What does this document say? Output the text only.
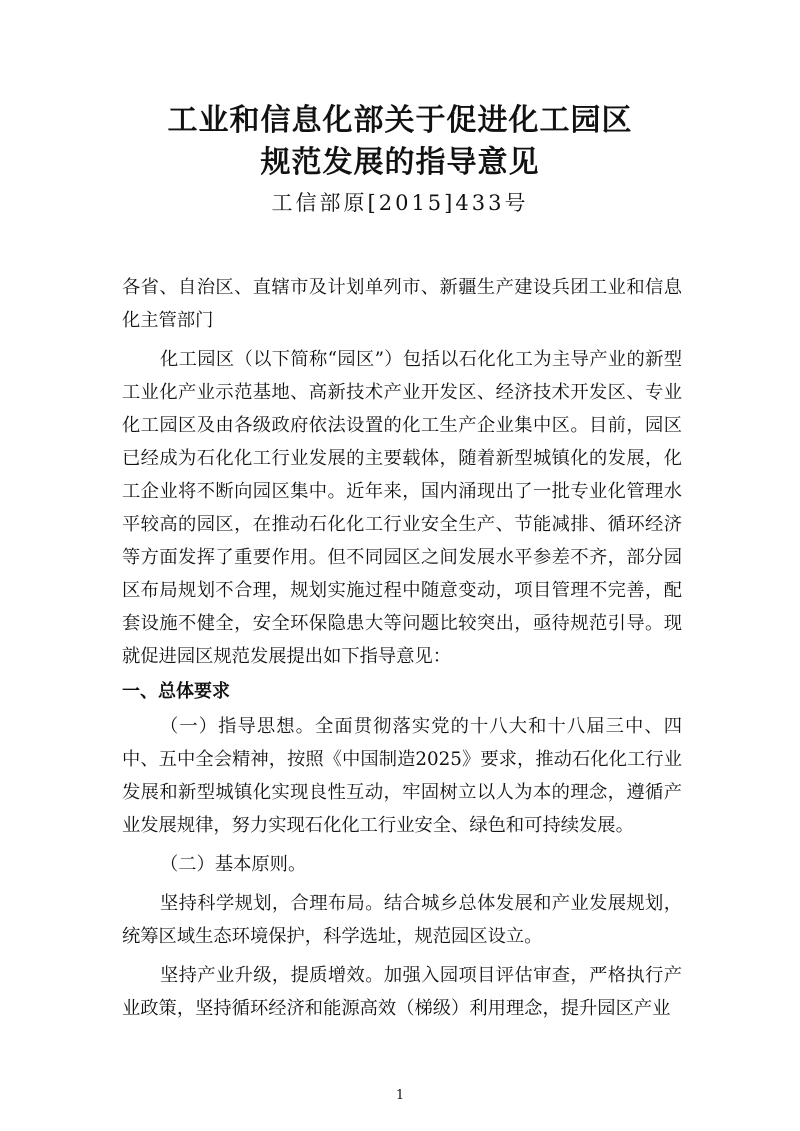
工业和信息化部关于促进化工园区
规范发展的指导意见
工信部原[2015]433号

各省、自治区、直辖市及计划单列市、新疆生产建设兵团工业和信息化主管部门

化工园区（以下简称“园区”）包括以石化化工为主导产业的新型工业化产业示范基地、高新技术产业开发区、经济技术开发区、专业化工园区及由各级政府依法设置的化工生产企业集中区。目前，园区已经成为石化化工行业发展的主要载体，随着新型城镇化的发展，化工企业将不断向园区集中。近年来，国内涌现出了一批专业化管理水平较高的园区，在推动石化化工行业安全生产、节能减排、循环经济等方面发挥了重要作用。但不同园区之间发展水平参差不齐，部分园区布局规划不合理，规划实施过程中随意变动，项目管理不完善，配套设施不健全，安全环保隐患大等问题比较突出，亟待规范引导。现就促进园区规范发展提出如下指导意见：

一、总体要求

（一）指导思想。全面贯彻落实党的十八大和十八届三中、四中、五中全会精神，按照《中国制造2025》要求，推动石化化工行业发展和新型城镇化实现良性互动，牢固树立以人为本的理念，遵循产业发展规律，努力实现石化化工行业安全、绿色和可持续发展。

（二）基本原则。

坚持科学规划，合理布局。结合城乡总体发展和产业发展规划，统筹区域生态环境保护，科学选址，规范园区设立。

坚持产业升级，提质增效。加强入园项目评估审查，严格执行产业政策，坚持循环经济和能源高效（梯级）利用理念，提升园区产业

1
